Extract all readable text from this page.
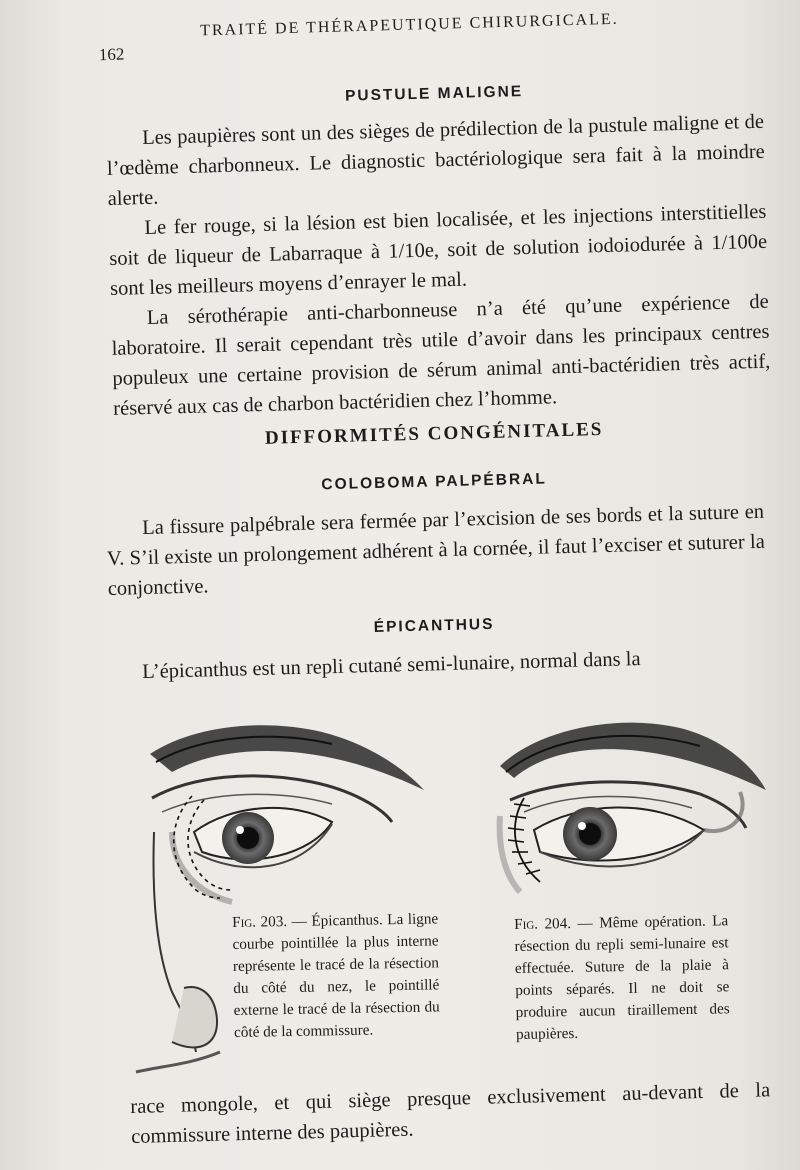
162
TRAITÉ DE THÉRAPEUTIQUE CHIRURGICALE.
PUSTULE MALIGNE

Les paupières sont un des sièges de prédilection de la pustule maligne et de l’œdème charbonneux. Le diagnostic bactériologique sera fait à la moindre alerte.

Le fer rouge, si la lésion est bien localisée, et les injections interstitielles soit de liqueur de Labarraque à 1/10e, soit de solution iodoiodurée à 1/100e sont les meilleurs moyens d’enrayer le mal.

La sérothérapie anti-charbonneuse n’a été qu’une expérience de laboratoire. Il serait cependant très utile d’avoir dans les principaux centres populeux une certaine provision de sérum animal anti-bactéridien très actif, réservé aux cas de charbon bactéridien chez l’homme.

DIFFORMITÉS CONGÉNITALES
COLOBOMA PALPÉBRAL

La fissure palpébrale sera fermée par l’excision de ses bords et la suture en V. S’il existe un prolongement adhérent à la cornée, il faut l’exciser et suturer la conjonctive.

ÉPICANTHUS

L’épicanthus est un repli cutané semi-lunaire, normal dans la

Fig. 203. — Épicanthus. La ligne courbe pointillée la plus interne représente le tracé de la résection du côté du nez, le pointillé externe le tracé de la résection du côté de la commissure.
Fig. 204. — Même opération. La résection du repli semi-lunaire est effectuée. Suture de la plaie à points séparés. Il ne doit se produire aucun tiraillement des paupières.

race mongole, et qui siège presque exclusivement au-devant de la commissure interne des paupières.
